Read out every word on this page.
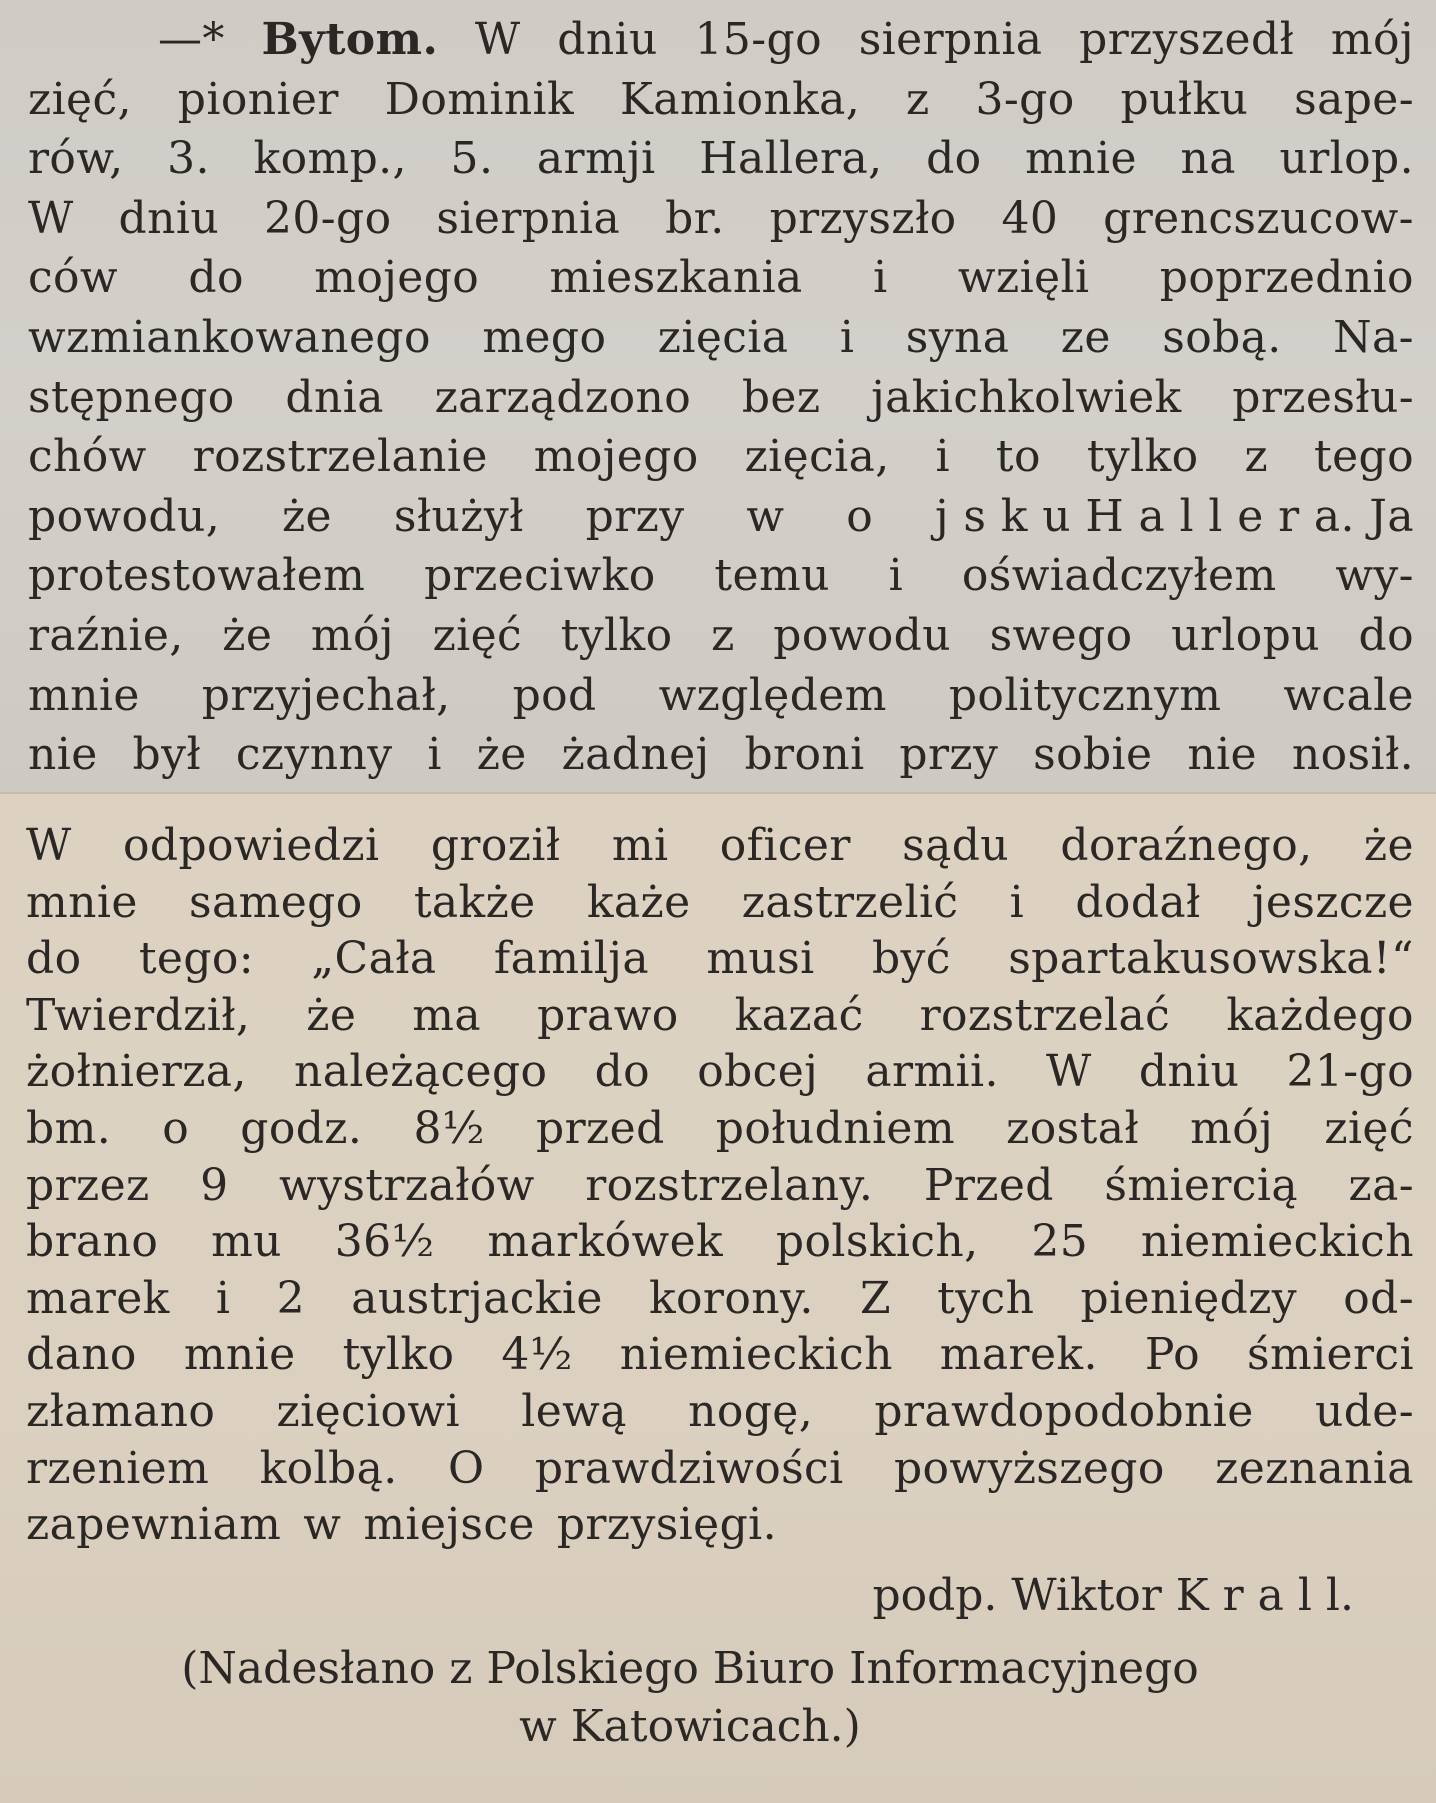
—* Bytom. W dniu 15-go sierpnia przyszedł mój
zięć, pionier Dominik Kamionka, z 3-go pułku sape-
rów, 3. komp., 5. armji Hallera, do mnie na urlop.
W dniu 20-go sierpnia br. przyszło 40 grencszucow-
ców do mojego mieszkania i wzięli poprzednio
wzmiankowanego mego zięcia i syna ze sobą. Na-
stępnego dnia zarządzono bez jakichkolwiek przesłu-
chów rozstrzelanie mojego zięcia, i to tylko z tego
powodu, że służył przy w o j s k u H a l l e r a. Ja
protestowałem przeciwko temu i oświadczyłem wy-
raźnie, że mój zięć tylko z powodu swego urlopu do
mnie przyjechał, pod względem politycznym wcale
nie był czynny i że żadnej broni przy sobie nie nosił.
W odpowiedzi groził mi oficer sądu doraźnego, że
mnie samego także każe zastrzelić i dodał jeszcze
do tego: „Cała familja musi być spartakusowska!“
Twierdził, że ma prawo kazać rozstrzelać każdego
żołnierza, należącego do obcej armii. W dniu 21-go
bm. o godz. 8½ przed południem został mój zięć
przez 9 wystrzałów rozstrzelany. Przed śmiercią za-
brano mu 36½ markówek polskich, 25 niemieckich
marek i 2 austrjackie korony. Z tych pieniędzy od-
dano mnie tylko 4½ niemieckich marek. Po śmierci
złamano zięciowi lewą nogę, prawdopodobnie ude-
rzeniem kolbą. O prawdziwości powyższego zeznania
zapewniam w miejsce przysięgi.
podp. Wiktor K r a l l.
(Nadesłano z Polskiego Biuro Informacyjnego
w Katowicach.)
